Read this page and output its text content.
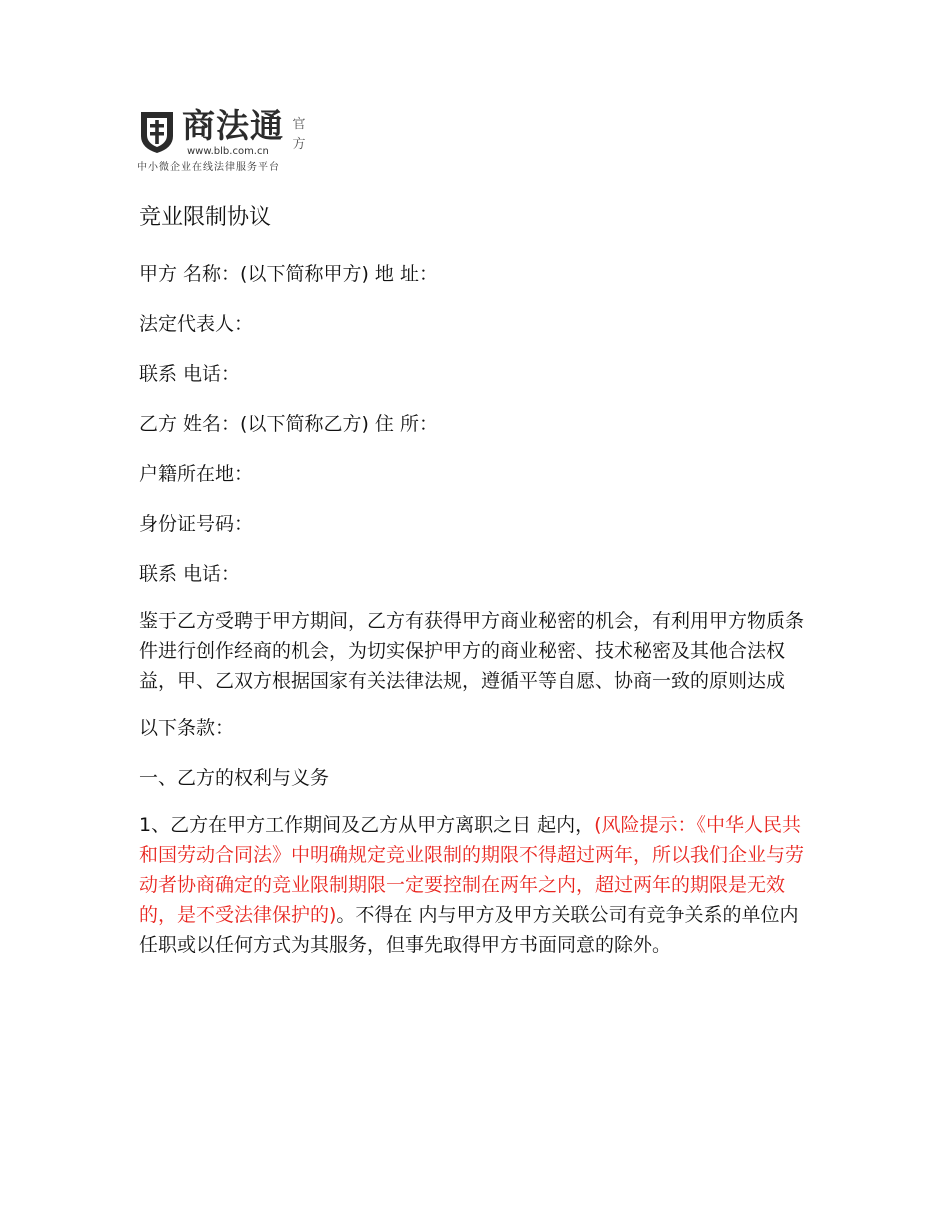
商法通 官
方
www.blb.com.cn
中小微企业在线法律服务平台
竞业限制协议

甲方 名称：(以下简称甲方) 地 址：

法定代表人：

联系 电话：

乙方 姓名：(以下简称乙方) 住 所：

户籍所在地：

身份证号码：

联系 电话：

鉴于乙方受聘于甲方期间，乙方有获得甲方商业秘密的机会，有利用甲方物质条件进行创作经商的机会，为切实保护甲方的商业秘密、技术秘密及其他合法权益，甲、乙双方根据国家有关法律法规，遵循平等自愿、协商一致的原则达成

以下条款：

一、乙方的权利与义务

1、乙方在甲方工作期间及乙方从甲方离职之日 起内，(风险提示：《中华人民共和国劳动合同法》中明确规定竞业限制的期限不得超过两年，所以我们企业与劳动者协商确定的竞业限制期限一定要控制在两年之内，超过两年的期限是无效的，是不受法律保护的)。不得在 内与甲方及甲方关联公司有竞争关系的单位内任职或以任何方式为其服务，但事先取得甲方书面同意的除外。
